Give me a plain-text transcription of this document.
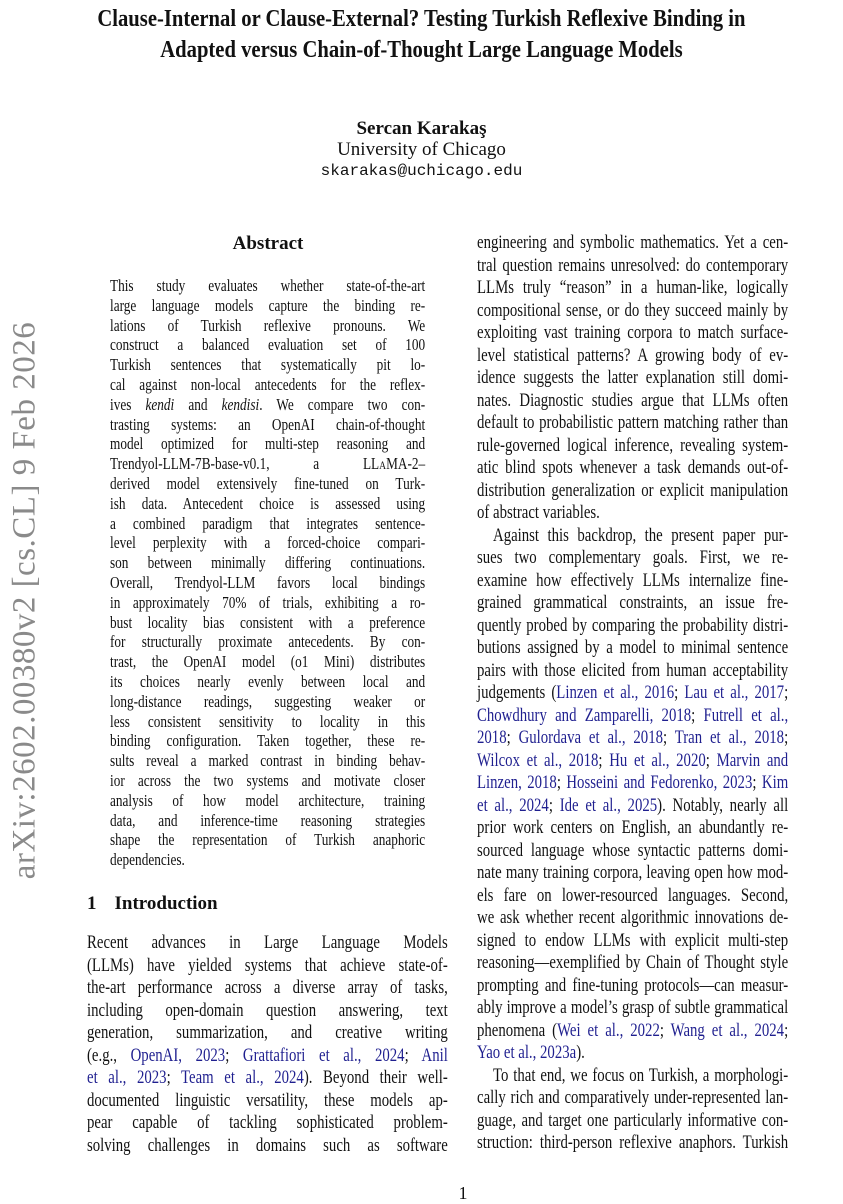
Clause-Internal or Clause-External? Testing Turkish Reflexive Binding in
Adapted versus Chain-of-Thought Large Language Models
Sercan Karakaş
University of Chicago
skarakas@uchicago.edu
arXiv:2602.00380v2 [cs.CL] 9 Feb 2026
Abstract
This study evaluates whether state-of-the-art
large language models capture the binding re-
lations of Turkish reflexive pronouns. We
construct a balanced evaluation set of 100
Turkish sentences that systematically pit lo-
cal against non-local antecedents for the reflex-
ives kendi and kendisi. We compare two con-
trasting systems: an OpenAI chain-of-thought
model optimized for multi-step reasoning and
Trendyol-LLM-7B-base-v0.1, a LLaMA-2–
derived model extensively fine-tuned on Turk-
ish data. Antecedent choice is assessed using
a combined paradigm that integrates sentence-
level perplexity with a forced-choice compari-
son between minimally differing continuations.
Overall, Trendyol-LLM favors local bindings
in approximately 70% of trials, exhibiting a ro-
bust locality bias consistent with a preference
for structurally proximate antecedents. By con-
trast, the OpenAI model (o1 Mini) distributes
its choices nearly evenly between local and
long-distance readings, suggesting weaker or
less consistent sensitivity to locality in this
binding configuration. Taken together, these re-
sults reveal a marked contrast in binding behav-
ior across the two systems and motivate closer
analysis of how model architecture, training
data, and inference-time reasoning strategies
shape the representation of Turkish anaphoric
dependencies.
1 Introduction
Recent advances in Large Language Models
(LLMs) have yielded systems that achieve state-of-
the-art performance across a diverse array of tasks,
including open-domain question answering, text
generation, summarization, and creative writing
(e.g., OpenAI, 2023; Grattafiori et al., 2024; Anil
et al., 2023; Team et al., 2024). Beyond their well-
documented linguistic versatility, these models ap-
pear capable of tackling sophisticated problem-
solving challenges in domains such as software
engineering and symbolic mathematics. Yet a cen-
tral question remains unresolved: do contemporary
LLMs truly “reason” in a human-like, logically
compositional sense, or do they succeed mainly by
exploiting vast training corpora to match surface-
level statistical patterns? A growing body of ev-
idence suggests the latter explanation still domi-
nates. Diagnostic studies argue that LLMs often
default to probabilistic pattern matching rather than
rule-governed logical inference, revealing system-
atic blind spots whenever a task demands out-of-
distribution generalization or explicit manipulation
of abstract variables.
Against this backdrop, the present paper pur-
sues two complementary goals. First, we re-
examine how effectively LLMs internalize fine-
grained grammatical constraints, an issue fre-
quently probed by comparing the probability distri-
butions assigned by a model to minimal sentence
pairs with those elicited from human acceptability
judgements (Linzen et al., 2016; Lau et al., 2017;
Chowdhury and Zamparelli, 2018; Futrell et al.,
2018; Gulordava et al., 2018; Tran et al., 2018;
Wilcox et al., 2018; Hu et al., 2020; Marvin and
Linzen, 2018; Hosseini and Fedorenko, 2023; Kim
et al., 2024; Ide et al., 2025). Notably, nearly all
prior work centers on English, an abundantly re-
sourced language whose syntactic patterns domi-
nate many training corpora, leaving open how mod-
els fare on lower-resourced languages. Second,
we ask whether recent algorithmic innovations de-
signed to endow LLMs with explicit multi-step
reasoning—exemplified by Chain of Thought style
prompting and fine-tuning protocols—can measur-
ably improve a model’s grasp of subtle grammatical
phenomena (Wei et al., 2022; Wang et al., 2024;
Yao et al., 2023a).
To that end, we focus on Turkish, a morphologi-
cally rich and comparatively under-represented lan-
guage, and target one particularly informative con-
struction: third-person reflexive anaphors. Turkish
1
